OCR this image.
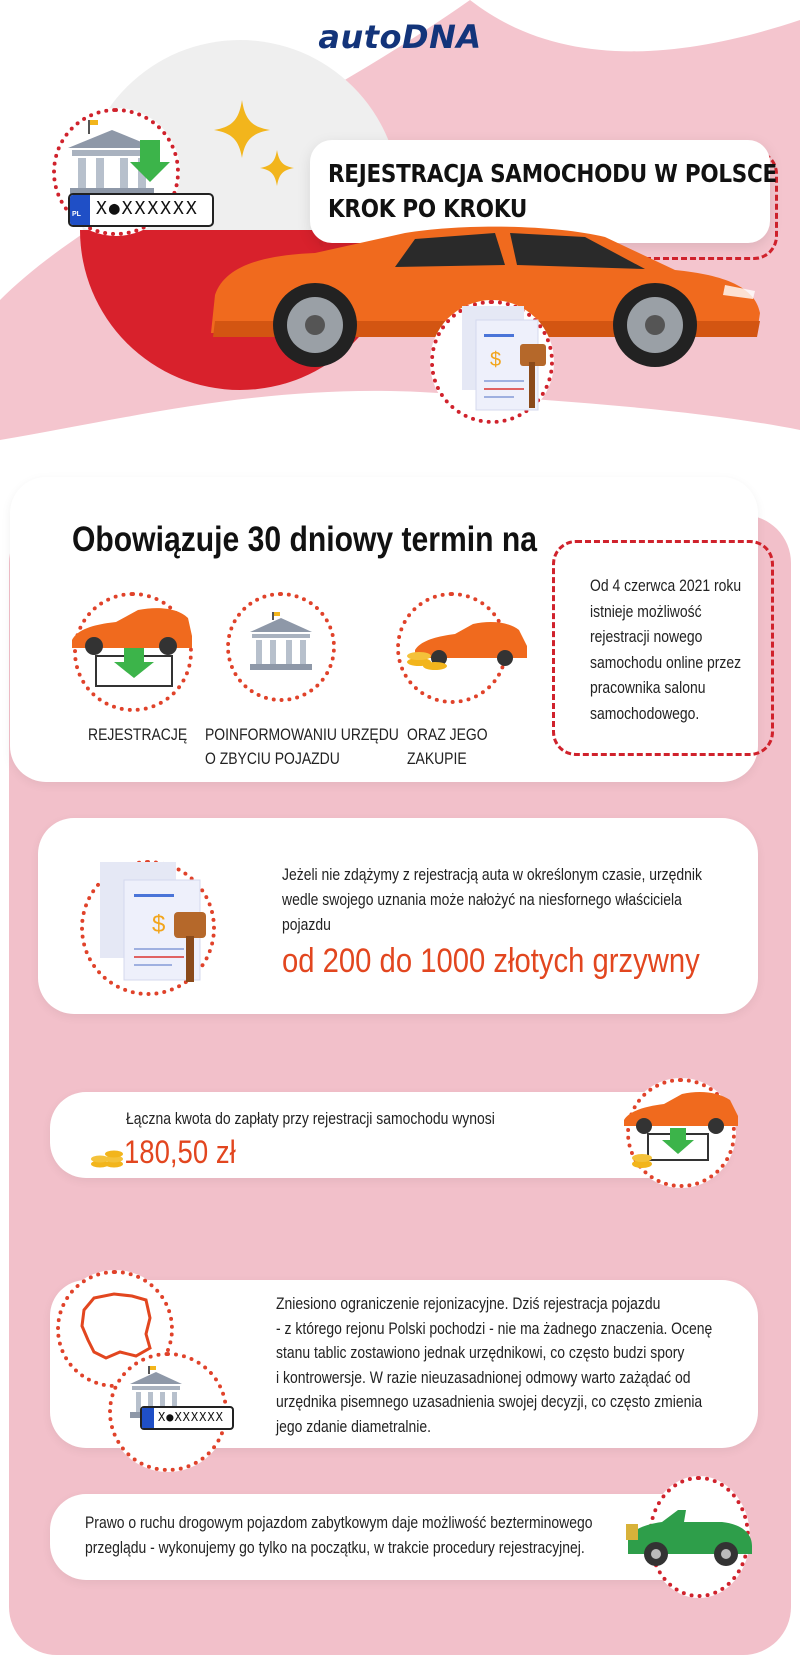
autoDNA
PL X●XXXXXX
REJESTRACJA SAMOCHODU W POLSCE
KROK PO KROKU
$
Obowiązuje 30 dniowy termin na
REJESTRACJĘ POINFORMOWANIU URZĘDU
O ZBYCIU POJAZDU
ORAZ JEGO
ZAKUPIE
Od 4 czerwca 2021 roku
istnieje możliwość
rejestracji nowego
samochodu online przez
pracownika salonu
samochodowego.
$
Jeżeli nie zdążymy z rejestracją auta w określonym czasie, urzędnik
wedle swojego uznania może nałożyć na niesfornego właściciela
pojazdu
od 200 do 1000 złotych grzywny
Łączna kwota do zapłaty przy rejestracji samochodu wynosi
180,50 zł
X●XXXXXX
Zniesiono ograniczenie rejonizacyjne. Dziś rejestracja pojazdu
- z którego rejonu Polski pochodzi - nie ma żadnego znaczenia. Ocenę
stanu tablic zostawiono jednak urzędnikowi, co często budzi spory
i kontrowersje. W razie nieuzasadnionej odmowy warto zażądać od
urzędnika pisemnego uzasadnienia swojej decyzji, co często zmienia
jego zdanie diametralnie.
Prawo o ruchu drogowym pojazdom zabytkowym daje możliwość bezterminowego
przeglądu - wykonujemy go tylko na początku, w trakcie procedury rejestracyjnej.
